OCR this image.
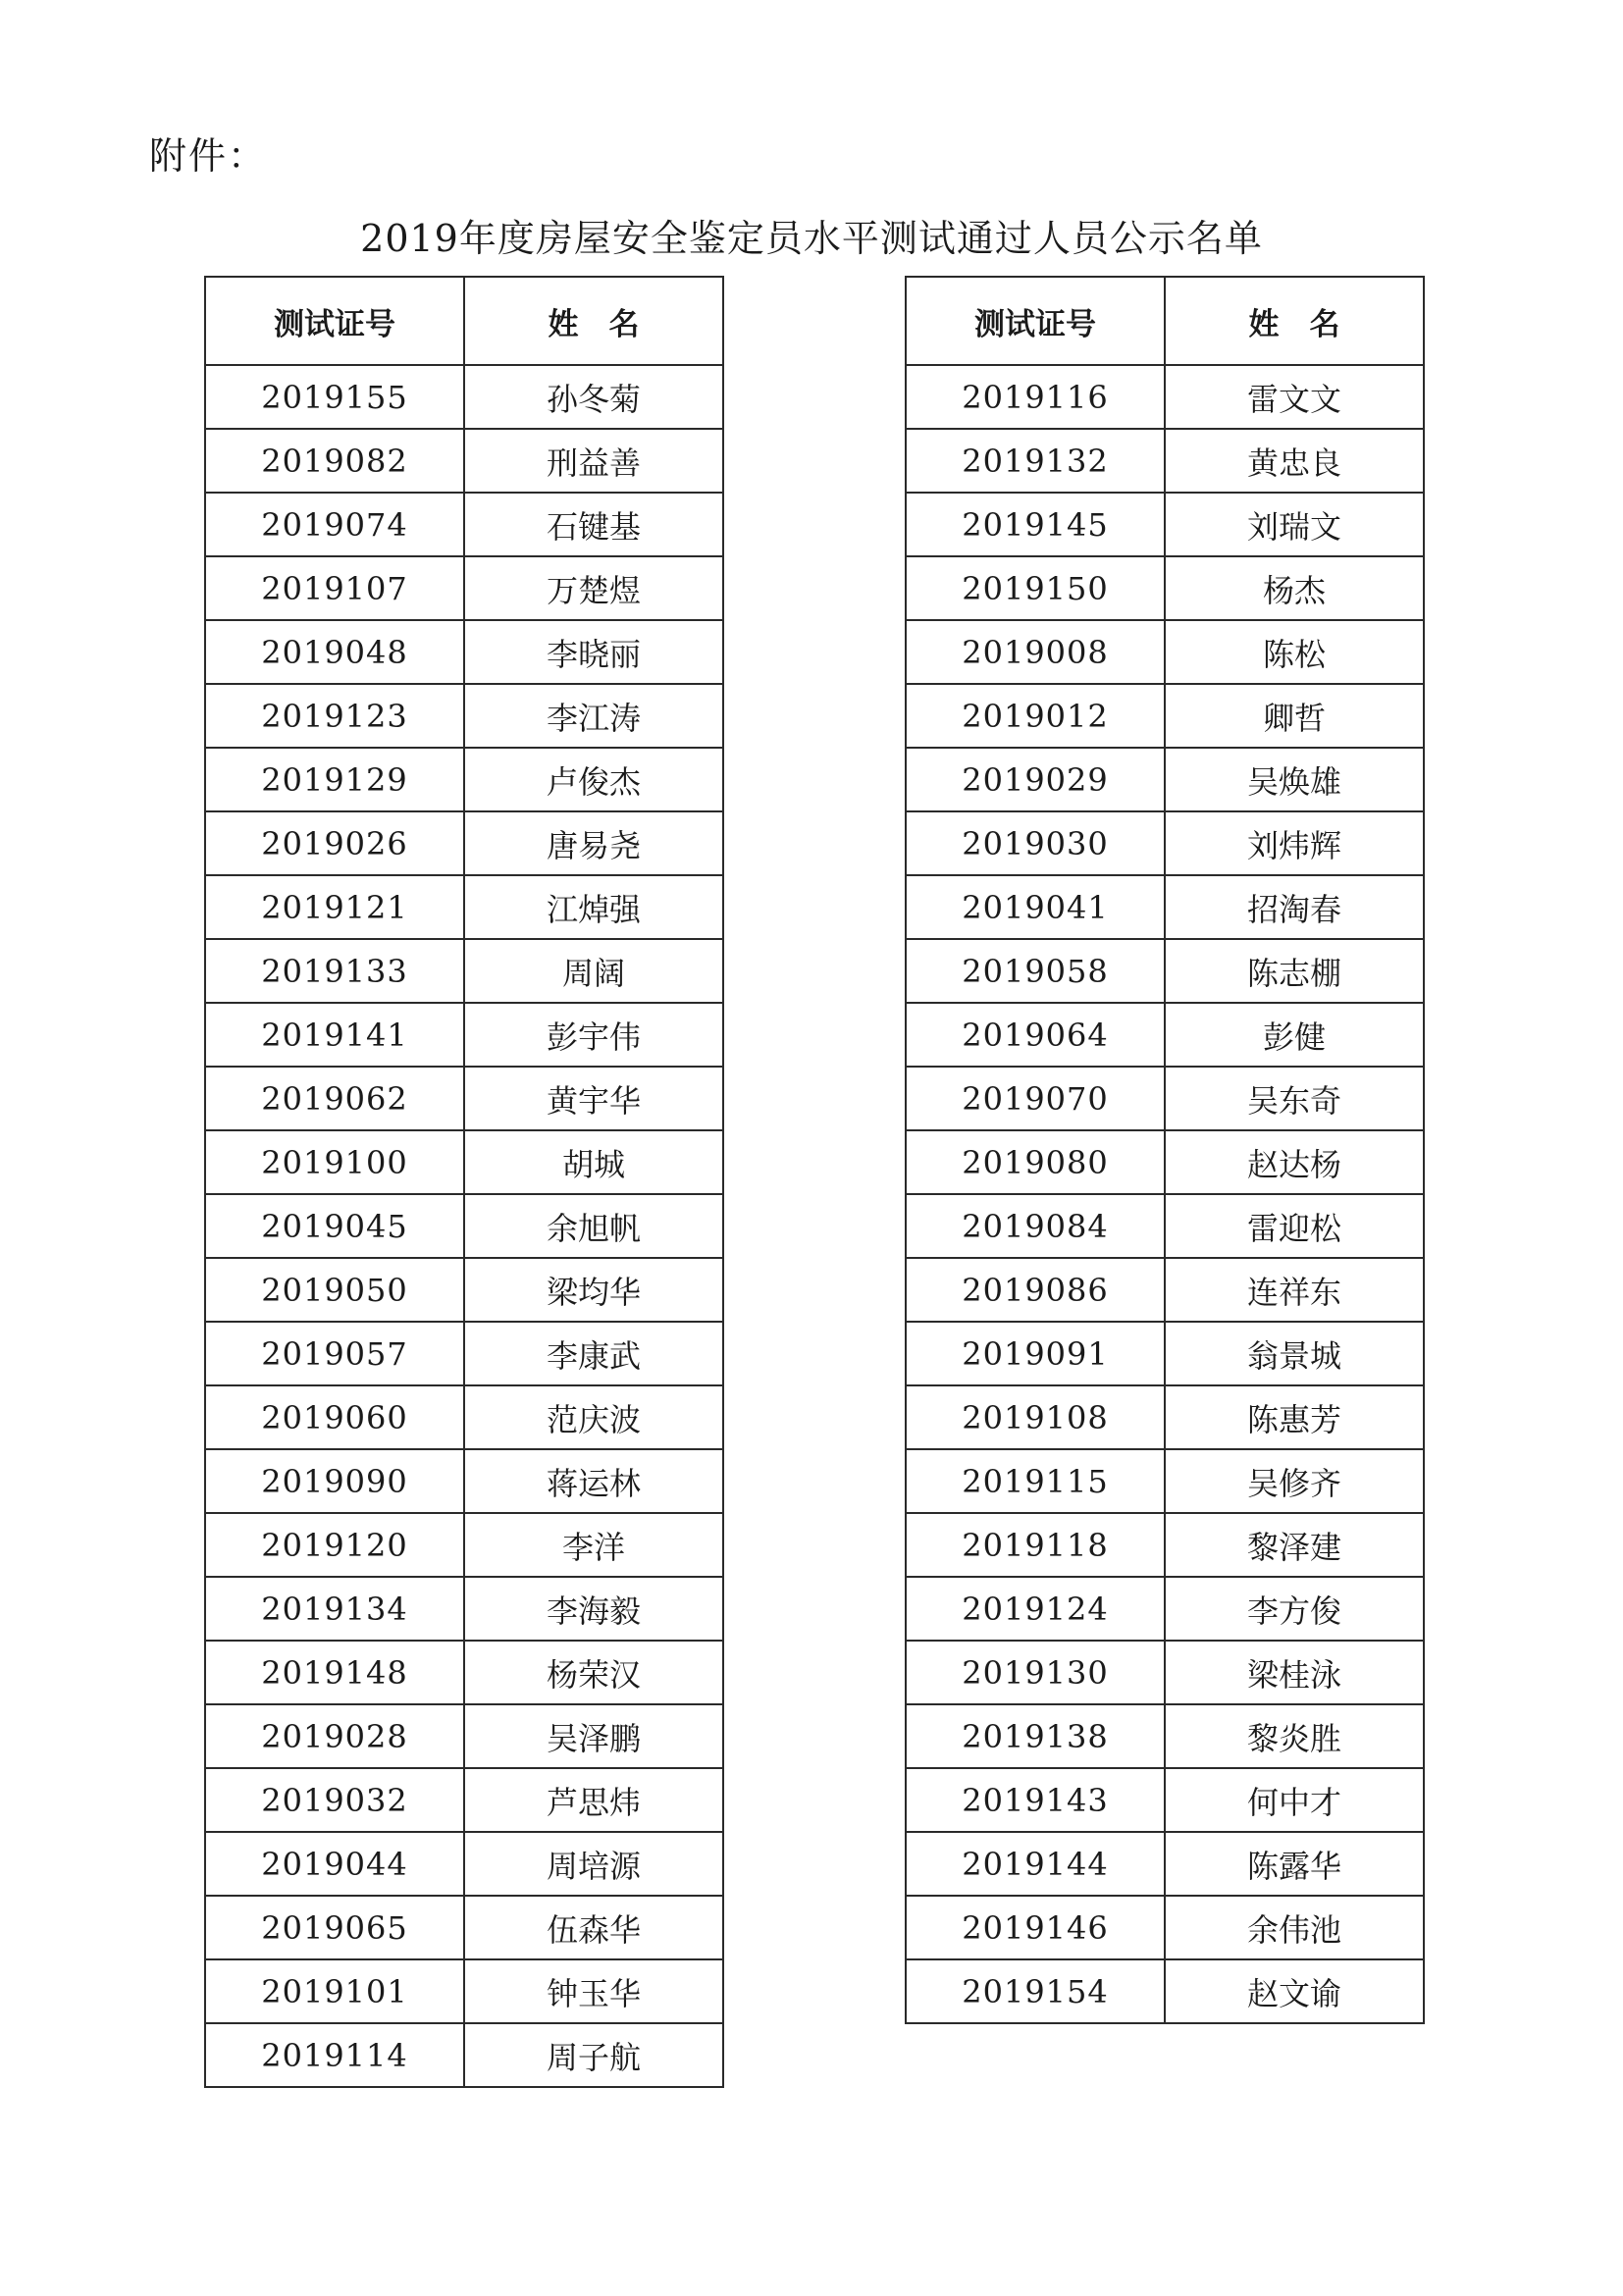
附件：
2019年度房屋安全鉴定员水平测试通过人员公示名单
测试证号	姓　名
2019155	孙冬菊
2019082	刑益善
2019074	石键基
2019107	万楚煜
2019048	李晓丽
2019123	李江涛
2019129	卢俊杰
2019026	唐易尧
2019121	江焯强
2019133	周阔
2019141	彭宇伟
2019062	黄宇华
2019100	胡城
2019045	余旭帆
2019050	梁均华
2019057	李康武
2019060	范庆波
2019090	蒋运林
2019120	李洋
2019134	李海毅
2019148	杨荣汉
2019028	吴泽鹏
2019032	芦思炜
2019044	周培源
2019065	伍森华
2019101	钟玉华
2019114	周子航
测试证号	姓　名
2019116	雷文文
2019132	黄忠良
2019145	刘瑞文
2019150	杨杰
2019008	陈松
2019012	卿哲
2019029	吴焕雄
2019030	刘炜辉
2019041	招淘春
2019058	陈志棚
2019064	彭健
2019070	吴东奇
2019080	赵达杨
2019084	雷迎松
2019086	连祥东
2019091	翁景城
2019108	陈惠芳
2019115	吴修齐
2019118	黎泽建
2019124	李方俊
2019130	梁桂泳
2019138	黎炎胜
2019143	何中才
2019144	陈露华
2019146	余伟池
2019154	赵文谕
